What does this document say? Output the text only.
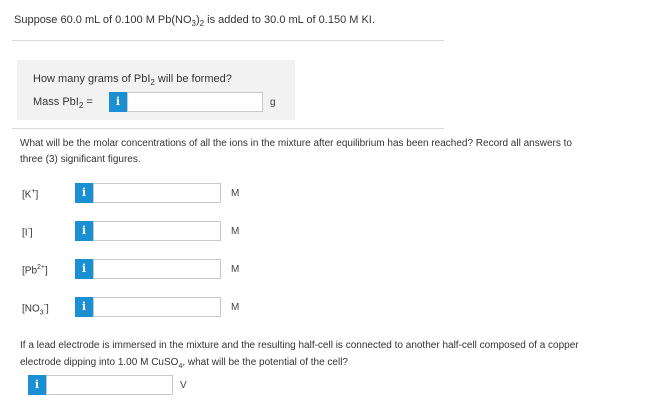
Suppose 60.0 mL of 0.100 M $Pb(NO_3)_2$ is added to 30.0 mL of 0.150 M KI.
How many grams of PbI$_2$ will be formed?
Mass PbI$_2$ =	i	g
What will be the molar concentrations of all the ions in the mixture after equilibrium has been reached? Record all answers to
three (3) significant figures.
[K+]	i	M
[I-]	i	M
$[Pb^{2+}]$	i	M
$[NO_3^-]$	i	M
If a lead electrode is immersed in the mixture and the resulting half-cell is connected to another half-cell composed of a copper
electrode dipping into 1.00 M CuSO$_4$, what will be the potential of the cell?
i	V
